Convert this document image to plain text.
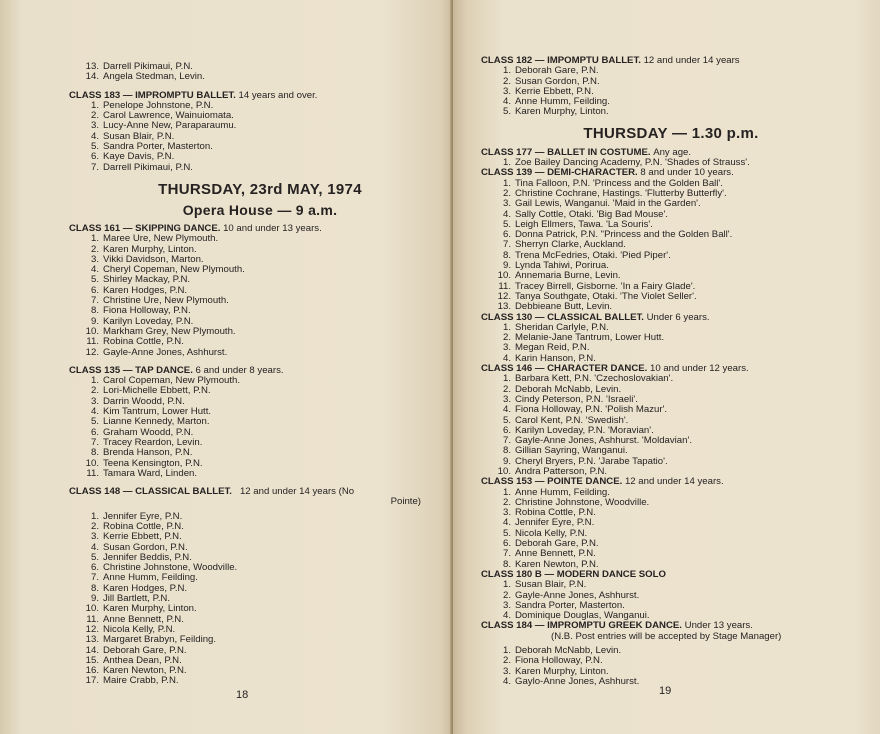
13. Darrell Pikimaui, P.N.
14. Angela Stedman, Levin.
CLASS 183 — IMPROMPTU BALLET. 14 years and over.
1. Penelope Johnstone, P.N.
2. Carol Lawrence, Wainuiomata.
3. Lucy-Anne New, Paraparaumu.
4. Susan Blair, P.N.
5. Sandra Porter, Masterton.
6. Kaye Davis, P.N.
7. Darrell Pikimaui, P.N.
THURSDAY, 23rd MAY, 1974
Opera House — 9 a.m.
CLASS 161 — SKIPPING DANCE. 10 and under 13 years.
1. Maree Ure, New Plymouth.
2. Karen Murphy, Linton.
3. Vikki Davidson, Marton.
4. Cheryl Copeman, New Plymouth.
5. Shirley Mackay, P.N.
6. Karen Hodges, P.N.
7. Christine Ure, New Plymouth.
8. Fiona Holloway, P.N.
9. Karilyn Loveday, P.N.
10. Markham Grey, New Plymouth.
11. Robina Cottle, P.N.
12. Gayle-Anne Jones, Ashhurst.
CLASS 135 — TAP DANCE. 6 and under 8 years.
1. Carol Copeman, New Plymouth.
2. Lori-Michelle Ebbett, P.N.
3. Darrin Woodd, P.N.
4. Kim Tantrum, Lower Hutt.
5. Lianne Kennedy, Marton.
6. Graham Woodd, P.N.
7. Tracey Reardon, Levin.
8. Brenda Hanson, P.N.
10. Teena Kensington, P.N.
11. Tamara Ward, Linden.
CLASS 148 — CLASSICAL BALLET. 12 and under 14 years (No
Pointe)
1. Jennifer Eyre, P.N.
2. Robina Cottle, P.N.
3. Kerrie Ebbett, P.N.
4. Susan Gordon, P.N.
5. Jennifer Beddis, P.N.
6. Christine Johnstone, Woodville.
7. Anne Humm, Feilding.
8. Karen Hodges, P.N.
9. Jill Bartlett, P.N.
10. Karen Murphy, Linton.
11. Anne Bennett, P.N.
12. Nicola Kelly, P.N.
13. Margaret Brabyn, Feilding.
14. Deborah Gare, P.N.
15. Anthea Dean, P.N.
16. Karen Newton, P.N.
17. Maire Crabb, P.N.
18
CLASS 182 — IMPOMPTU BALLET. 12 and under 14 years
1. Deborah Gare, P.N.
2. Susan Gordon, P.N.
3. Kerrie Ebbett, P.N.
4. Anne Humm, Feilding.
5. Karen Murphy, Linton.
THURSDAY — 1.30 p.m.
CLASS 177 — BALLET IN COSTUME. Any age.
1. Zoe Bailey Dancing Academy, P.N. 'Shades of Strauss'.
CLASS 139 — DEMI-CHARACTER. 8 and under 10 years.
1. Tina Falloon, P.N. 'Princess and the Golden Ball'.
2. Christine Cochrane, Hastings. 'Flutterby Butterfly'.
3. Gail Lewis, Wanganui. 'Maid in the Garden'.
4. Sally Cottle, Otaki. 'Big Bad Mouse'.
5. Leigh Ellmers, Tawa. 'La Souris'.
6. Donna Patrick, P.N. "Princess and the Golden Ball'.
7. Sherryn Clarke, Auckland.
8. Trena McFedries, Otaki. 'Pied Piper'.
9. Lynda Tahiwi, Porirua.
10. Annemaria Burne, Levin.
11. Tracey Birrell, Gisborne. 'In a Fairy Glade'.
12. Tanya Southgate, Otaki. 'The Violet Seller'.
13. Debbieane Butt, Levin.
CLASS 130 — CLASSICAL BALLET. Under 6 years.
1. Sheridan Carlyle, P.N.
2. Melanie-Jane Tantrum, Lower Hutt.
3. Megan Reid, P.N.
4. Karin Hanson, P.N.
CLASS 146 — CHARACTER DANCE. 10 and under 12 years.
1. Barbara Kett, P.N. 'Czechoslovakian'.
2. Deborah McNabb, Levin.
3. Cindy Peterson, P.N. 'Israeli'.
4. Fiona Holloway, P.N. 'Polish Mazur'.
5. Carol Kent, P.N. 'Swedish'.
6. Karilyn Loveday, P.N. 'Moravian'.
7. Gayle-Anne Jones, Ashhurst. 'Moldavian'.
8. Gillian Sayring, Wanganui.
9. Cheryl Bryers, P.N. 'Jarabe Tapatio'.
10. Andra Patterson, P.N.
CLASS 153 — POINTE DANCE. 12 and under 14 years.
1. Anne Humm, Feilding.
2. Christine Johnstone, Woodville.
3. Robina Cottle, P.N.
4. Jennifer Eyre, P.N.
5. Nicola Kelly, P.N.
6. Deborah Gare, P.N.
7. Anne Bennett, P.N.
8. Karen Newton, P.N.
CLASS 180 B — MODERN DANCE SOLO
1. Susan Blair, P.N.
2. Gayle-Anne Jones, Ashhurst.
3. Sandra Porter, Masterton.
4. Dominique Douglas, Wanganui.
CLASS 184 — IMPROMPTU GREEK DANCE. Under 13 years.
(N.B. Post entries will be accepted by Stage Manager)
1. Deborah McNabb, Levin.
2. Fiona Holloway, P.N.
3. Karen Murphy, Linton.
4. Gaylo-Anne Jones, Ashhurst.
19
